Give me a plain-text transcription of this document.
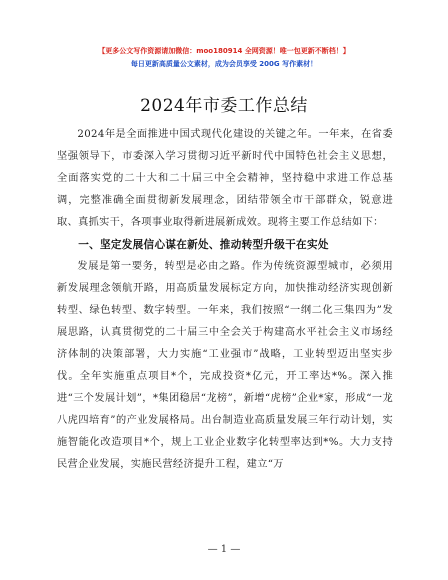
【更多公文写作资源请加微信：moo180914 全网资源！唯一包更新不断档！】
每日更新高质量公文素材，成为会员享受 200G 写作素材！
2024年市委工作总结

2024年是全面推进中国式现代化建设的关键之年。一年来，在省委坚强领导下，市委深入学习贯彻习近平新时代中国特色社会主义思想，全面落实党的二十大和二十届三中全会精神，坚持稳中求进工作总基调，完整准确全面贯彻新发展理念，团结带领全市干部群众，锐意进取、真抓实干，各项事业取得新进展新成效。现将主要工作总结如下：

一、坚定发展信心谋在新处、推动转型升级干在实处

发展是第一要务，转型是必由之路。作为传统资源型城市，必须用新发展理念领航开路，用高质量发展标定方向，加快推动经济实现创新转型、绿色转型、数字转型。一年来，我们按照“一纲二化三集四为”发展思路，认真贯彻党的二十届三中全会关于构建高水平社会主义市场经济体制的决策部署，大力实施“工业强市”战略，工业转型迈出坚实步伐。全年实施重点项目*个，完成投资*亿元，开工率达*%。深入推进“三个发展计划”，*集团稳居“龙榜”，新增“虎榜”企业*家，形成“一龙八虎四培育”的产业发展格局。出台制造业高质量发展三年行动计划，实施智能化改造项目*个，规上工业企业数字化转型率达到*%。大力支持民营企业发展，实施民营经济提升工程，建立“万

— 1 —
